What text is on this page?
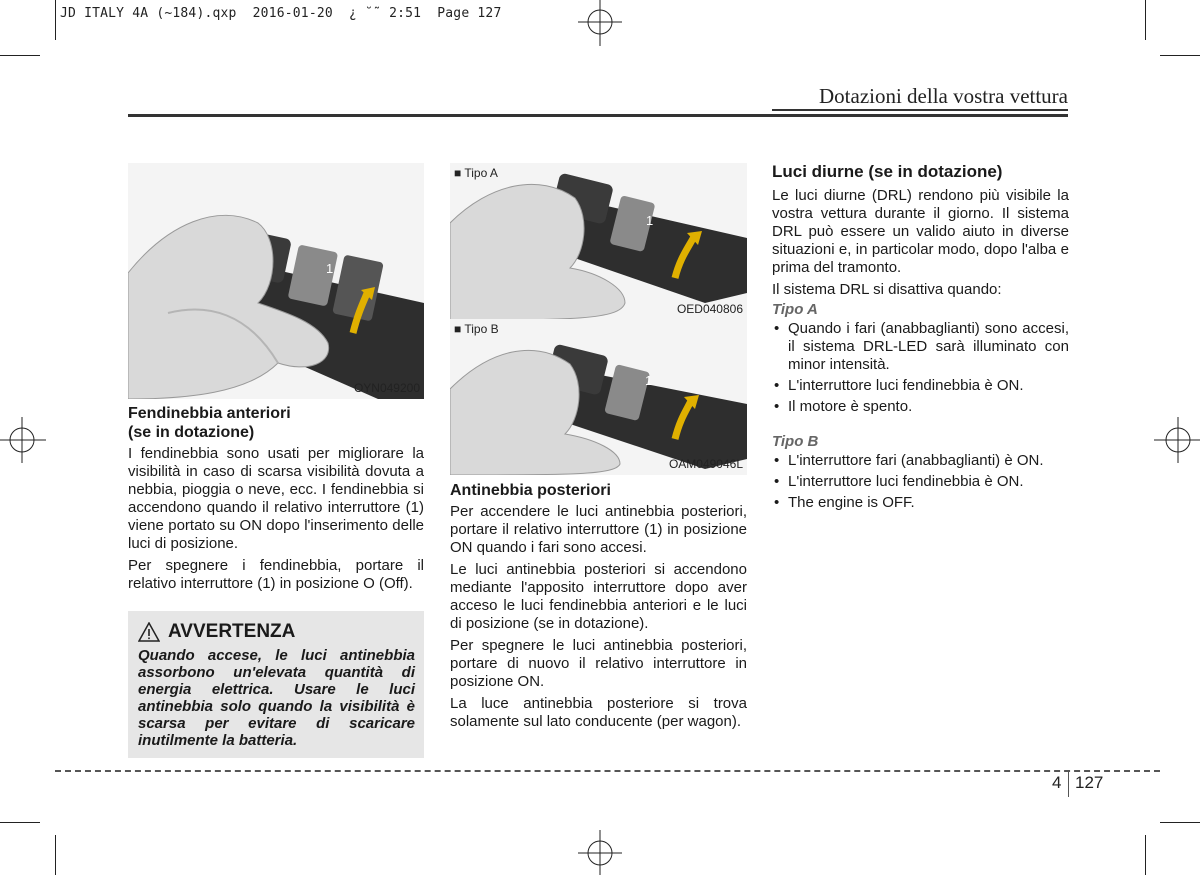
JD ITALY 4A (~184).qxp  2016-01-20  ¿ ˘˜ 2:51  Page 127
Dotazioni della vostra vettura
1
OYN049200
Fendinebbia anteriori
(se in dotazione)

I fendinebbia sono usati per migliorare la visibilità in caso di scarsa visibilità dovuta a nebbia, pioggia o neve, ecc. I fendinebbia si accendono quando il relativo interruttore (1) viene portato su ON dopo l'inserimento delle luci di posizione.

Per spegnere i fendinebbia, portare il relativo interruttore (1) in posizione O (Off).

AVVERTENZA
Quando accese, le luci antinebbia assorbono un'elevata quantità di energia elettrica. Usare le luci antinebbia solo quando la visibilità è scarsa per evitare di scaricare inutilmente la batteria.
1
■ Tipo A
OED040806
1
■ Tipo B
OAM049046L
Antinebbia posteriori

Per accendere le luci antinebbia posteriori, portare il relativo interruttore (1) in posizione ON quando i fari sono accesi.

Le luci antinebbia posteriori si accendono mediante l'apposito interruttore dopo aver acceso le luci fendinebbia anteriori e le luci di posizione (se in dotazione).

Per spegnere le luci antinebbia posteriori, portare di nuovo il relativo interruttore in posizione ON.

La luce antinebbia posteriore si trova solamente sul lato conducente (per wagon).

Luci diurne (se in dotazione)

Le luci diurne (DRL) rendono più visibile la vostra vettura durante il giorno. Il sistema DRL può essere un valido aiuto in diverse situazioni e, in particolar modo, dopo l'alba e prima del tramonto.

Il sistema DRL si disattiva quando:

Tipo A
• Quando i fari (anabbaglianti) sono accesi, il sistema DRL-LED sarà illuminato con minor intensità.
• L'interruttore luci fendinebbia è ON.
• Il motore è spento.
Tipo B
• L'interruttore fari (anabbaglianti) è ON.
• L'interruttore luci fendinebbia è ON.
• The engine is OFF.
4 127
